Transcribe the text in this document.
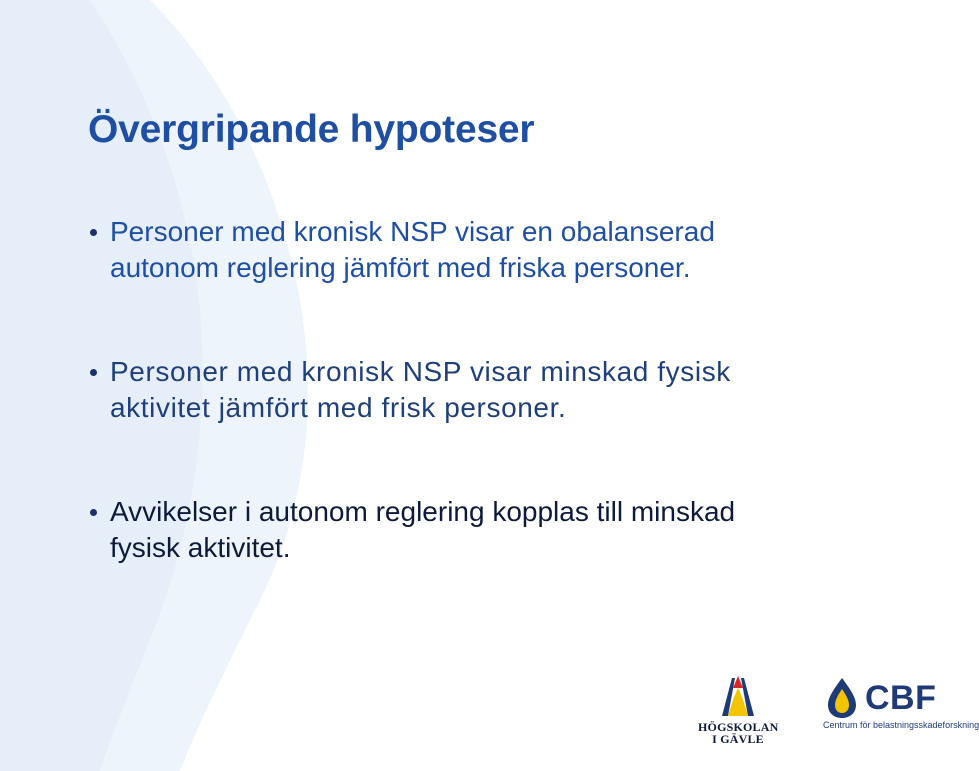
Övergripande hypoteser
Personer med kronisk NSP visar en obalanserad
autonom reglering jämfört med friska personer.
Personer med kronisk NSP visar minskad fysisk
aktivitet jämfört med frisk personer.
Avvikelser i autonom reglering kopplas till minskad
fysisk aktivitet.
HÖGSKOLAN
I GÄVLE
CBF
Centrum för belastningsskadeforskning
